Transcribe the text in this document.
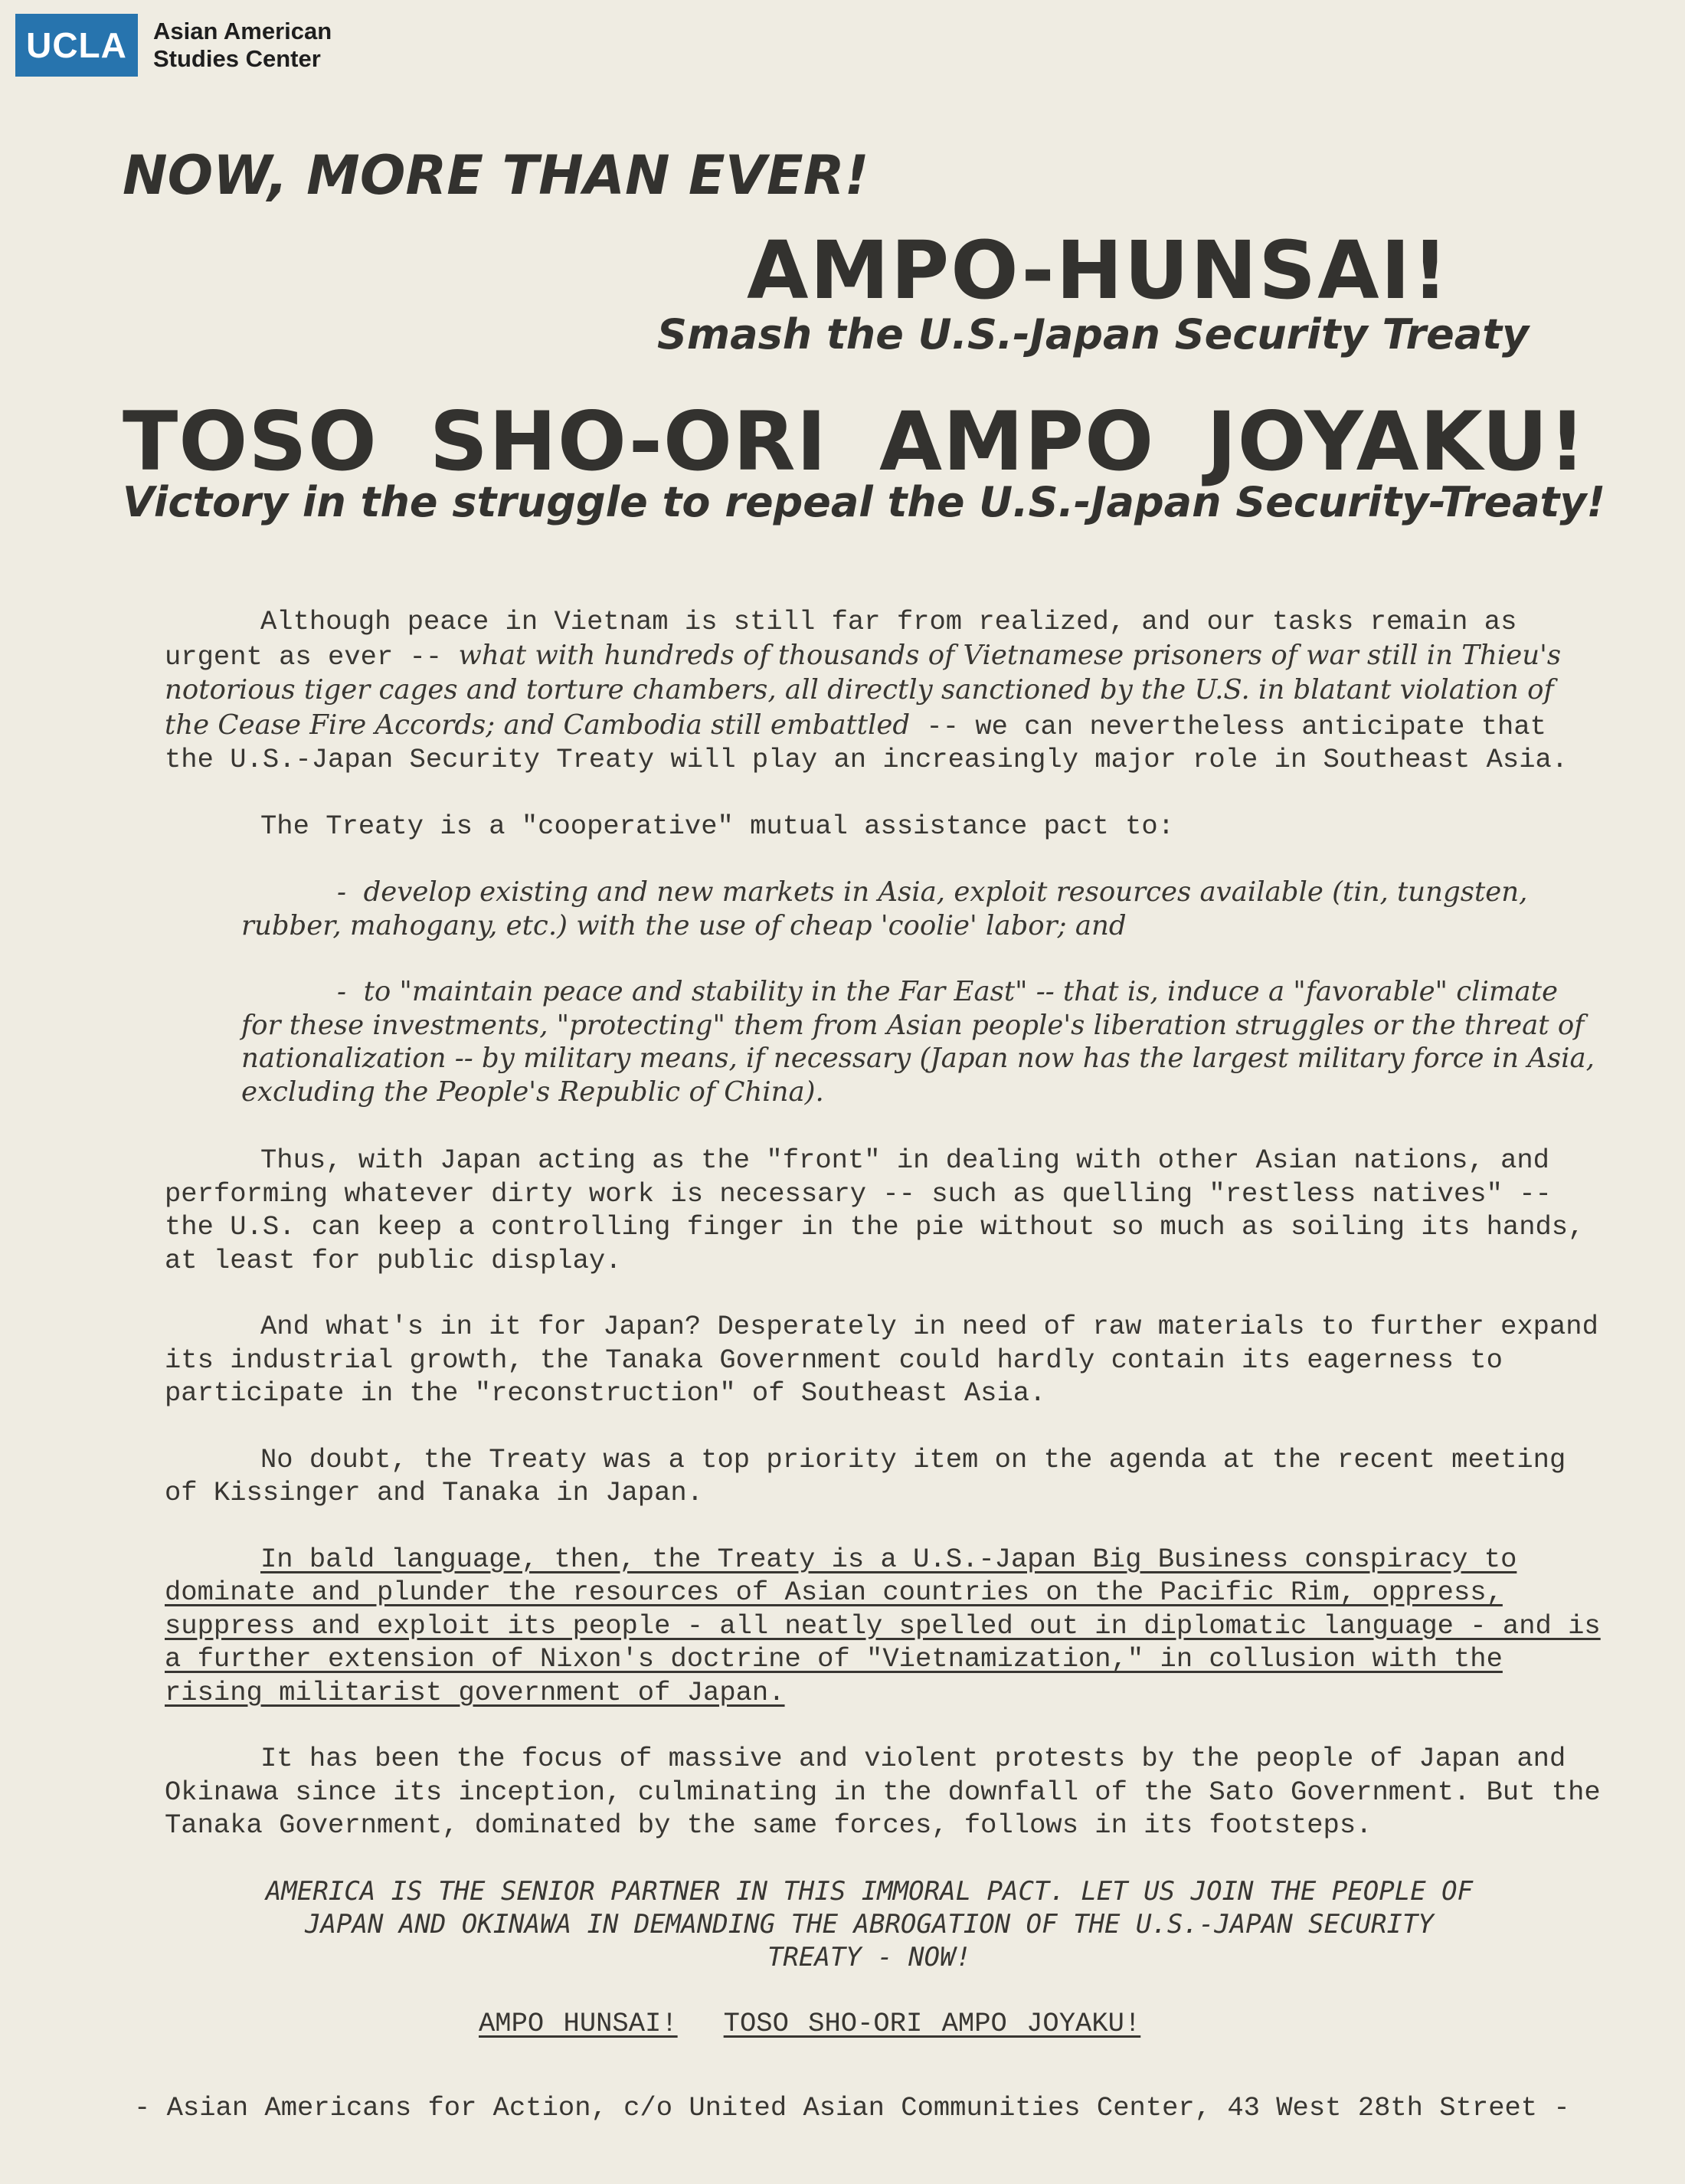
UCLA	Asian American
Studies Center
NOW, MORE THAN EVER!
AMPO-HUNSAI!
Smash the U.S.-Japan Security Treaty
TOSO SHO-ORI AMPO JOYAKU!
Victory in the struggle to repeal the U.S.-Japan Security-Treaty!

Although peace in Vietnam is still far from realized, and our tasks remain as urgent as ever -- what with hundreds of thousands of Vietnamese prisoners of war still in Thieu's notorious tiger cages and torture chambers, all directly sanctioned by the U.S. in blatant violation of the Cease Fire Accords; and Cambodia still embattled -- we can nevertheless anticipate that the U.S.-Japan Security Treaty will play an increasingly major role in Southeast Asia.

The Treaty is a "cooperative" mutual assistance pact to:

-  develop existing and new markets in Asia, exploit resources available (tin, tungsten, rubber, mahogany, etc.) with the use of cheap 'coolie' labor; and

-  to "maintain peace and stability in the Far East" -- that is, induce a "favorable" climate for these investments, "protecting" them from Asian people's liberation struggles or the threat of nationalization -- by military means, if necessary (Japan now has the largest military force in Asia, excluding the People's Republic of China).

Thus, with Japan acting as the "front" in dealing with other Asian nations, and performing whatever dirty work is necessary -- such as quelling "restless natives" -- the U.S. can keep a controlling finger in the pie without so much as soiling its hands, at least for public display.

And what's in it for Japan? Desperately in need of raw materials to further expand its industrial growth, the Tanaka Government could hardly contain its eagerness to participate in the "reconstruction" of Southeast Asia.

No doubt, the Treaty was a top priority item on the agenda at the recent meeting of Kissinger and Tanaka in Japan.

In bald language, then, the Treaty is a U.S.-Japan Big Business conspiracy to dominate and plunder the resources of Asian countries on the Pacific Rim, oppress, suppress and exploit its people - all neatly spelled out in diplomatic language - and is a further extension of Nixon's doctrine of "Vietnamization," in collusion with the rising militarist government of Japan.

It has been the focus of massive and violent protests by the people of Japan and Okinawa since its inception, culminating in the downfall of the Sato Government. But the Tanaka Government, dominated by the same forces, follows in its footsteps.

AMERICA IS THE SENIOR PARTNER IN THIS IMMORAL PACT. LET US JOIN THE PEOPLE OF JAPAN AND OKINAWA IN DEMANDING THE ABROGATION OF THE U.S.-JAPAN SECURITY TREATY - NOW!

AMPO HUNSAI! TOSO SHO-ORI AMPO JOYAKU!

- Asian Americans for Action, c/o United Asian Communities Center, 43 West 28th Street -
